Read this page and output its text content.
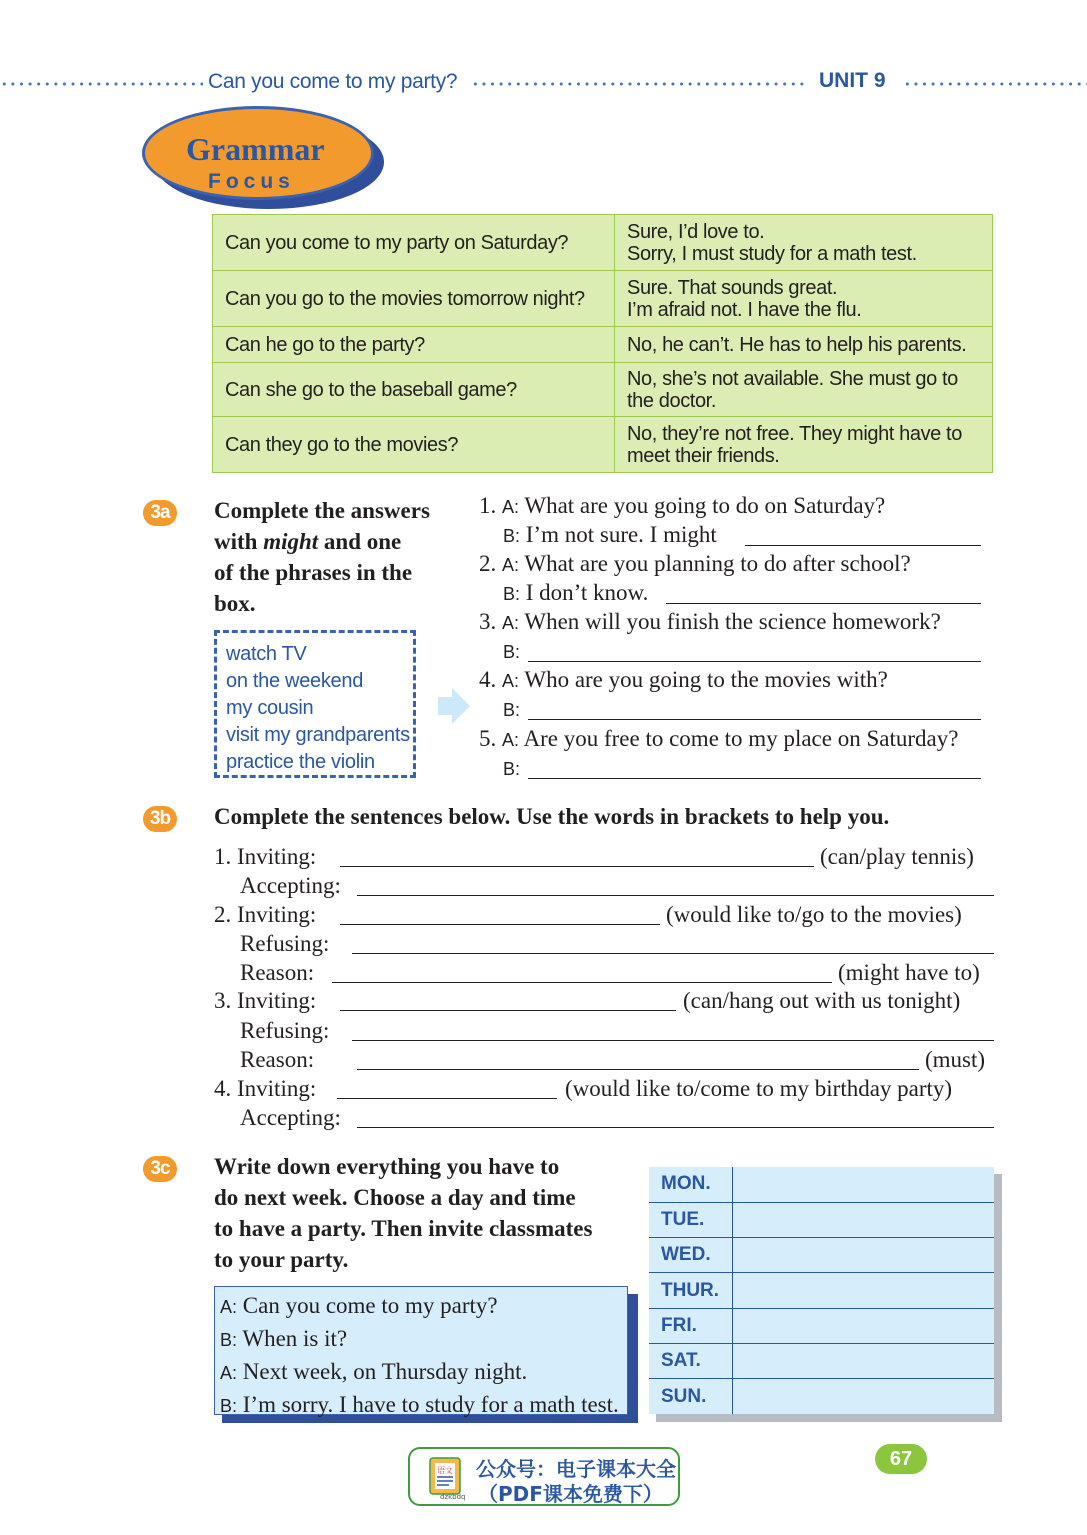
Can you come to my party?	UNIT 9
Grammar
Focus
Can you come to my party on Saturday?	Sure, I’d love to.
Sorry, I must study for a math test.

Can you go to the movies tomorrow night?	Sure. That sounds great.
I’m afraid not. I have the flu.

Can he go to the party?	No, he can’t. He has to help his parents.
Can she go to the baseball game?	No, she’s not available. She must go to
the doctor.

Can they go to the movies?	No, they’re not free. They might have to
meet their friends.
3a	Complete the answers
with might and one
of the phrases in the
box.
watch TV
on the weekend
my cousin
visit my grandparents
practice the violin
1. A: What are you going to do on Saturday?
B: I’m not sure. I might
2. A: What are you planning to do after school?
B: I don’t know.
3. A: When will you finish the science homework?
B:
4. A: Who are you going to the movies with?
B:
5. A: Are you free to come to my place on Saturday?
B:
3b	Complete the sentences below. Use the words in brackets to help you.
1. Inviting:	(can/play tennis)
Accepting:
2. Inviting:	(would like to/go to the movies)
Refusing:
Reason:	(might have to)
3. Inviting:	(can/hang out with us tonight)
Refusing:
Reason:	(must)
4. Inviting:	(would like to/come to my birthday party)
Accepting:
3c	Write down everything you have to
do next week. Choose a day and time
to have a party. Then invite classmates
to your party.
A: Can you come to my party?
B: When is it?
A: Next week, on Thursday night.
B: I’m sorry. I have to study for a math test.
MON.	
TUE.	
WED.	
THUR.	
FRI.	
SAT.	
SUN.	
语文
dzkbdq
公众号：电子课本大全
（PDF课本免费下）
67
